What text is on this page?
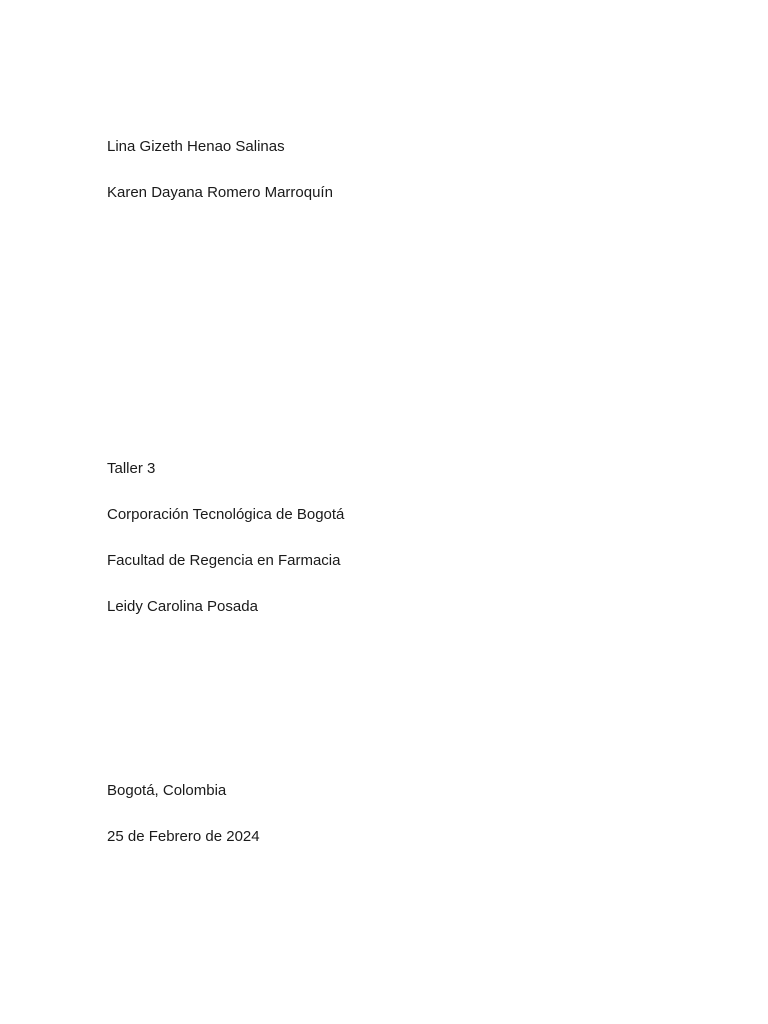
Lina Gizeth Henao Salinas

Karen Dayana Romero Marroquín

Taller 3

Corporación Tecnológica de Bogotá

Facultad de Regencia en Farmacia

Leidy Carolina Posada

Bogotá, Colombia

25 de Febrero de 2024
